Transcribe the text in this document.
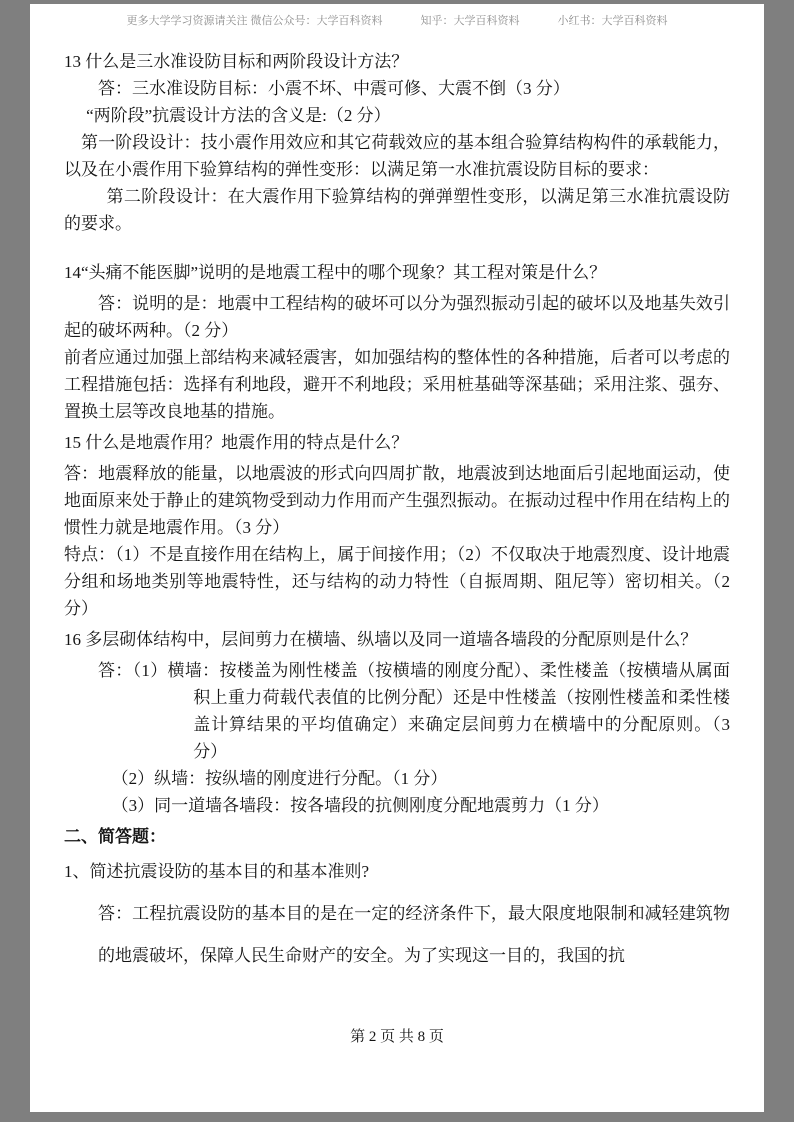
更多大学学习资源请关注 微信公众号：大学百科资料	知乎：大学百科资料	小红书：大学百科资料
13 什么是三水准设防目标和两阶段设计方法？
答：三水准设防目标：小震不坏、中震可修、大震不倒（3 分）
“两阶段”抗震设计方法的含义是:（2 分）
第一阶段设计：技小震作用效应和其它荷载效应的基本组合验算结构构件的承载能力，以及在小震作用下验算结构的弹性变形：以满足第一水准抗震设防目标的要求：
第二阶段设计：在大震作用下验算结构的弹弹塑性变形，以满足第三水准抗震设防的要求。
14“头痛不能医脚”说明的是地震工程中的哪个现象？其工程对策是什么？
答：说明的是：地震中工程结构的破坏可以分为强烈振动引起的破坏以及地基失效引起的破坏两种。（2 分）
前者应通过加强上部结构来减轻震害，如加强结构的整体性的各种措施，后者可以考虑的工程措施包括：选择有利地段，避开不利地段；采用桩基础等深基础；采用注浆、强夯、置换土层等改良地基的措施。
15 什么是地震作用？地震作用的特点是什么？
答：地震释放的能量，以地震波的形式向四周扩散，地震波到达地面后引起地面运动，使地面原来处于静止的建筑物受到动力作用而产生强烈振动。在振动过程中作用在结构上的惯性力就是地震作用。（3 分）
特点：（1）不是直接作用在结构上，属于间接作用；（2）不仅取决于地震烈度、设计地震分组和场地类别等地震特性，还与结构的动力特性（自振周期、阻尼等）密切相关。（2 分）
16 多层砌体结构中，层间剪力在横墙、纵墙以及同一道墙各墙段的分配原则是什么？
答：（1）横墙：按楼盖为刚性楼盖（按横墙的刚度分配）、柔性楼盖（按横墙从属面积上重力荷载代表值的比例分配）还是中性楼盖（按刚性楼盖和柔性楼盖计算结果的平均值确定）来确定层间剪力在横墙中的分配原则。（3 分）
（2）纵墙：按纵墙的刚度进行分配。（1 分）
（3）同一道墙各墙段：按各墙段的抗侧刚度分配地震剪力（1 分）
二、简答题：
1、简述抗震设防的基本目的和基本准则?
答：工程抗震设防的基本目的是在一定的经济条件下，最大限度地限制和减轻建筑物的地震破坏，保障人民生命财产的安全。为了实现这一目的，我国的抗
第 2 页 共 8 页
